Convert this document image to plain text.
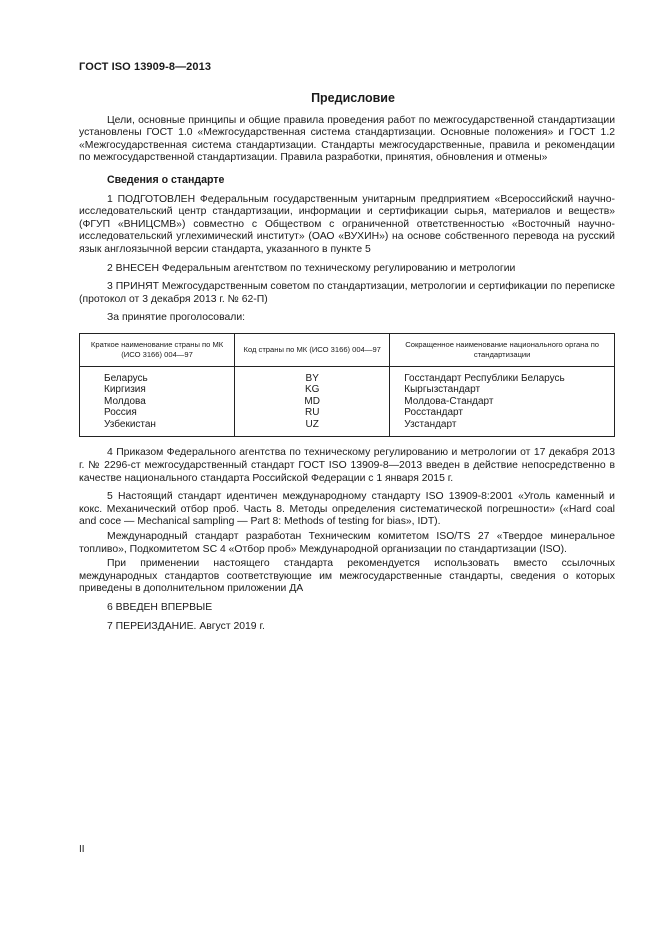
ГОСТ ISO 13909-8—2013
Предисловие

Цели, основные принципы и общие правила проведения работ по межгосударственной стандартизации установлены ГОСТ 1.0 «Межгосударственная система стандартизации. Основные положения» и ГОСТ 1.2 «Межгосударственная система стандартизации. Стандарты межгосударственные, правила и рекомендации по межгосударственной стандартизации. Правила разработки, принятия, обновления и отмены»

Сведения о стандарте

1 ПОДГОТОВЛЕН Федеральным государственным унитарным предприятием «Всероссийский научно-исследовательский центр стандартизации, информации и сертификации сырья, материалов и веществ» (ФГУП «ВНИЦСМВ») совместно с Обществом с ограниченной ответственностью «Восточный научно-исследовательский углехимический институт» (ОАО «ВУХИН») на основе собственного перевода на русский язык англоязычной версии стандарта, указанного в пункте 5

2 ВНЕСЕН Федеральным агентством по техническому регулированию и метрологии

3 ПРИНЯТ Межгосударственным советом по стандартизации, метрологии и сертификации по переписке (протокол от 3 декабря 2013 г. № 62-П)

За принятие проголосовали:
Краткое наименование страны по МК (ИСО 3166) 004—97	Код страны по МК (ИСО 3166) 004—97	Сокращенное наименование национального органа по стандартизации
Беларусь	BY	Госстандарт Республики Беларусь
Киргизия	KG	Кыргызстандарт
Молдова	MD	Молдова-Стандарт
Россия	RU	Росстандарт
Узбекистан	UZ	Узстандарт

4 Приказом Федерального агентства по техническому регулированию и метрологии от 17 декабря 2013 г. № 2296-ст межгосударственный стандарт ГОСТ ISO 13909-8—2013 введен в действие непосредственно в качестве национального стандарта Российской Федерации с 1 января 2015 г.

5 Настоящий стандарт идентичен международному стандарту ISO 13909-8:2001 «Уголь каменный и кокс. Механический отбор проб. Часть 8. Методы определения систематической погрешности» («Hard coal and coce — Mechanical sampling — Part 8: Methods of testing for bias», IDT).

Международный стандарт разработан Техническим комитетом ISO/TS 27 «Твердое минеральное топливо», Подкомитетом SC 4 «Отбор проб» Международной организации по стандартизации (ISO).

При применении настоящего стандарта рекомендуется использовать вместо ссылочных международных стандартов соответствующие им межгосударственные стандарты, сведения о которых приведены в дополнительном приложении ДА

6 ВВЕДЕН ВПЕРВЫЕ

7 ПЕРЕИЗДАНИЕ. Август 2019 г.

II
